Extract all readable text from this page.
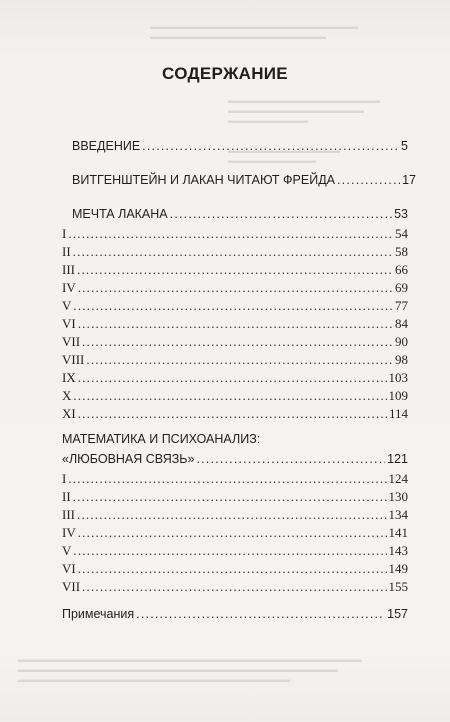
▬▬▬▬▬▬▬▬▬▬▬▬▬▬▬▬▬▬▬▬▬▬▬▬▬▬
▬▬▬▬▬▬▬▬▬▬▬▬▬▬▬▬▬▬▬▬▬▬
▬▬▬▬▬▬▬▬▬▬▬▬▬▬▬▬▬▬▬
▬▬▬▬▬▬▬▬▬▬▬▬▬▬▬▬▬
▬▬▬▬▬▬▬▬▬▬
▬▬▬▬▬▬▬▬▬▬▬▬▬▬
▬▬▬▬▬▬▬▬▬▬▬
▬▬▬▬▬▬▬▬▬▬▬▬▬▬▬▬▬▬▬▬▬▬▬▬▬▬▬▬▬▬▬▬▬▬▬▬▬▬▬▬▬▬▬
▬▬▬▬▬▬▬▬▬▬▬▬▬▬▬▬▬▬▬▬▬▬▬▬▬▬▬▬▬▬▬▬▬▬▬▬▬▬▬▬
▬▬▬▬▬▬▬▬▬▬▬▬▬▬▬▬▬▬▬▬▬▬▬▬▬▬▬▬▬▬▬▬▬▬
СОДЕРЖАНИЕ
ВВЕДЕНИЕ .....	5
ВИТГЕНШТЕЙН И ЛАКАН ЧИТАЮТ ФРЕЙДА .....	17
МЕЧТА ЛАКАНА .....	53
I .....	54
II .....	58
III .....	66
IV .....	69
V .....	77
VI .....	84
VII .....	90
VIII .....	98
IX .....	103
X .....	109
XI .....	114
МАТЕМАТИКА И ПСИХОАНАЛИЗ:
«ЛЮБОВНАЯ СВЯЗЬ» .....	121
I .....	124
II .....	130
III .....	134
IV .....	141
V .....	143
VI .....	149
VII .....	155
Примечания .....	157
